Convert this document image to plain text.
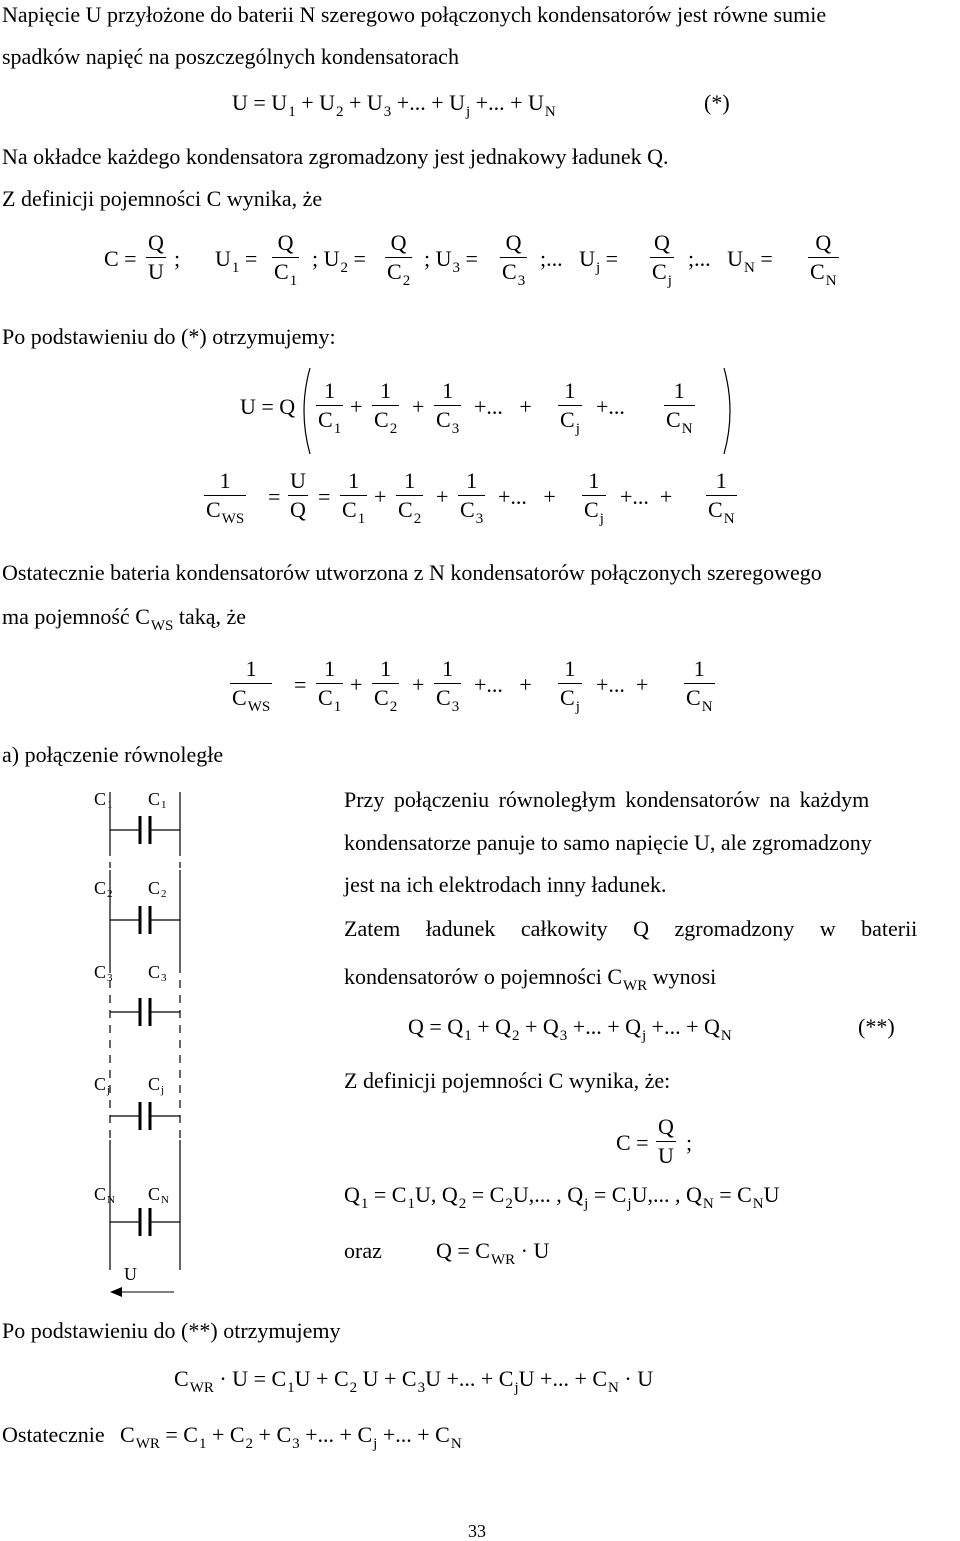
Napięcie U przyłożone do baterii N szeregowo połączonych kondensatorów jest równe sumie
spadków napięć na poszczególnych kondensatorach
$U = U_1 + U_2 + U_3$ +... + $U_j$ +... + $U_N$	(*)
Na okładce każdego kondensatora zgromadzony jest jednakowy ładunek Q.
Z definicji pojemności C wynika, że
$C = \frac{Q}{U}$ ; $U_1 = \frac{Q}{C_1}$ ; $U_2 = \frac{Q}{C_2}$ ; $U_3 = \frac{Q}{C_3}$ ;...   $U_j = \frac{Q}{C_j}$ ;...   $U_N = \frac{Q}{C_N}$
Po podstawieniu do (*) otrzymujemy:
U = Q $\frac{1}{C_1} + \frac{1}{C_2} + \frac{1}{C_3}$ +...   + $\frac{1}{C_j}$ +... $\frac{1}{C_N}$
1
$C_{WS}$
= $\frac{U}{Q} = \frac{1}{C_1} + \frac{1}{C_2} + \frac{1}{C_3}$ +...   + $\frac{1}{C_j}$ +...  + $\frac{1}{C_N}$
Ostatecznie bateria kondensatorów utworzona z N kondensatorów połączonych szeregowego
ma pojemność $C_{WS}$ taką, że
1
$C_{WS}$
= $\frac{1}{C_1} + \frac{1}{C_2} + \frac{1}{C_3}$ +...   + $\frac{1}{C_j}$ +...  + $\frac{1}{C_N}$
a) połączenie równoległe
C1 C1
C2 C2
C3 C3
Cj Cj
CN CN
U
Przy połączeniu równoległym kondensatorów na każdym
kondensatorze panuje to samo napięcie U, ale zgromadzony
jest na ich elektrodach inny ładunek.
Zatem ładunek całkowity Q zgromadzony w baterii
kondensatorów o pojemności $C_{WR}$ wynosi
$Q = Q_1 + Q_2 + Q_3$ +... + $Q_j$ +... + $Q_N$	(**)
Z definicji pojemności C wynika, że:
$C = \frac{Q}{U}$ ;
$Q_1 = C_1U$, $Q_2 = C_2U$,... , $Q_j = C_jU$,... , $Q_N = C_NU$
oraz $Q = C_{WR} \cdot U$
Po podstawieniu do (**) otrzymujemy
$C_{WR} \cdot U = C_1U + C_2$ $U + C_3U$ +... + $C_jU$ +... + $C_N \cdot U$
Ostatecznie $C_{WR} = C_1 + C_2 + C_3$ +... + $C_j$ +... + $C_N$
33
